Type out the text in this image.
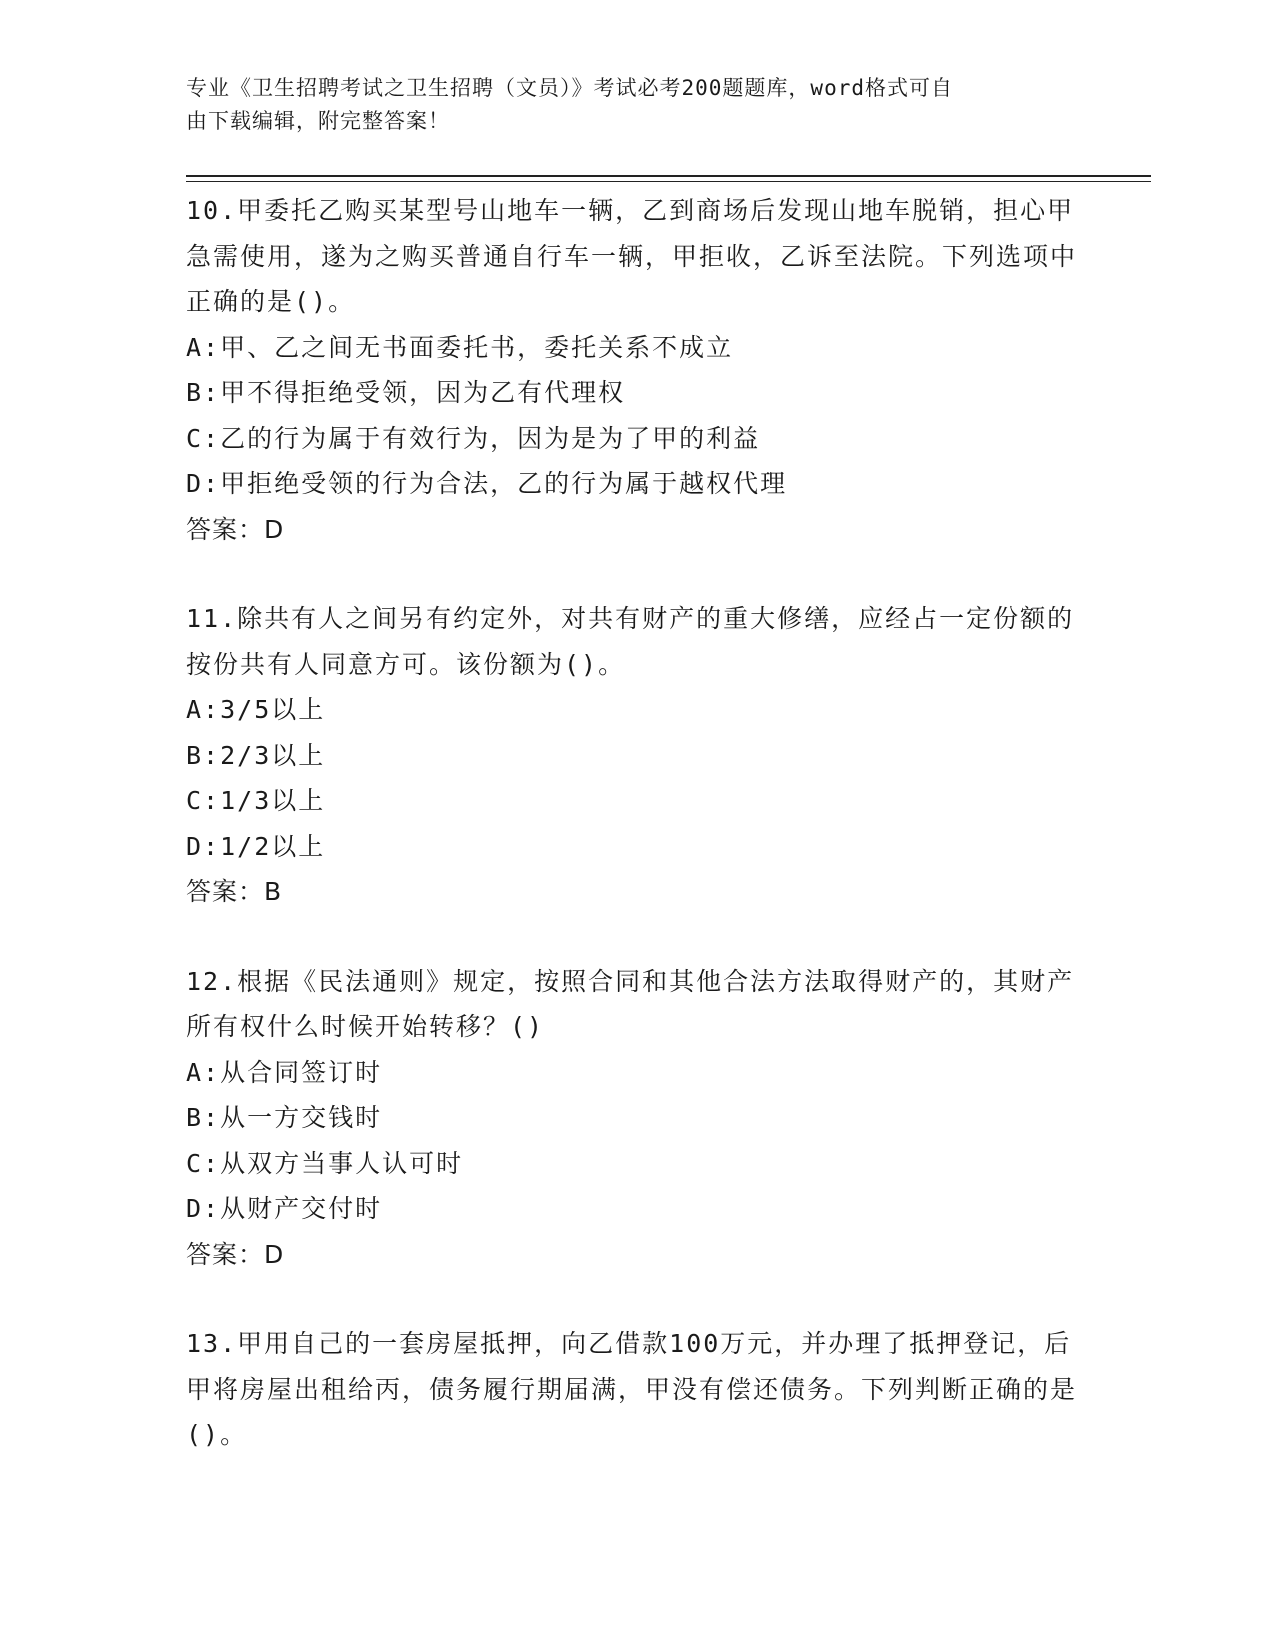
专业《卫生招聘考试之卫生招聘（文员）》考试必考200题题库，word格式可自
由下载编辑，附完整答案！

10.甲委托乙购买某型号山地车一辆，乙到商场后发现山地车脱销，担心甲急需使用，遂为之购买普通自行车一辆，甲拒收，乙诉至法院。下列选项中正确的是()。

A:甲、乙之间无书面委托书，委托关系不成立
B:甲不得拒绝受领，因为乙有代理权
C:乙的行为属于有效行为，因为是为了甲的利益
D:甲拒绝受领的行为合法，乙的行为属于越权代理

答案：D

11.除共有人之间另有约定外，对共有财产的重大修缮，应经占一定份额的按份共有人同意方可。该份额为()。

A:3/5以上
B:2/3以上
C:1/3以上
D:1/2以上

答案：B

12.根据《民法通则》规定，按照合同和其他合法方法取得财产的，其财产所有权什么时候开始转移？()

A:从合同签订时
B:从一方交钱时
C:从双方当事人认可时
D:从财产交付时

答案：D

13.甲用自己的一套房屋抵押，向乙借款100万元，并办理了抵押登记，后甲将房屋出租给丙，债务履行期届满，甲没有偿还债务。下列判断正确的是()。
